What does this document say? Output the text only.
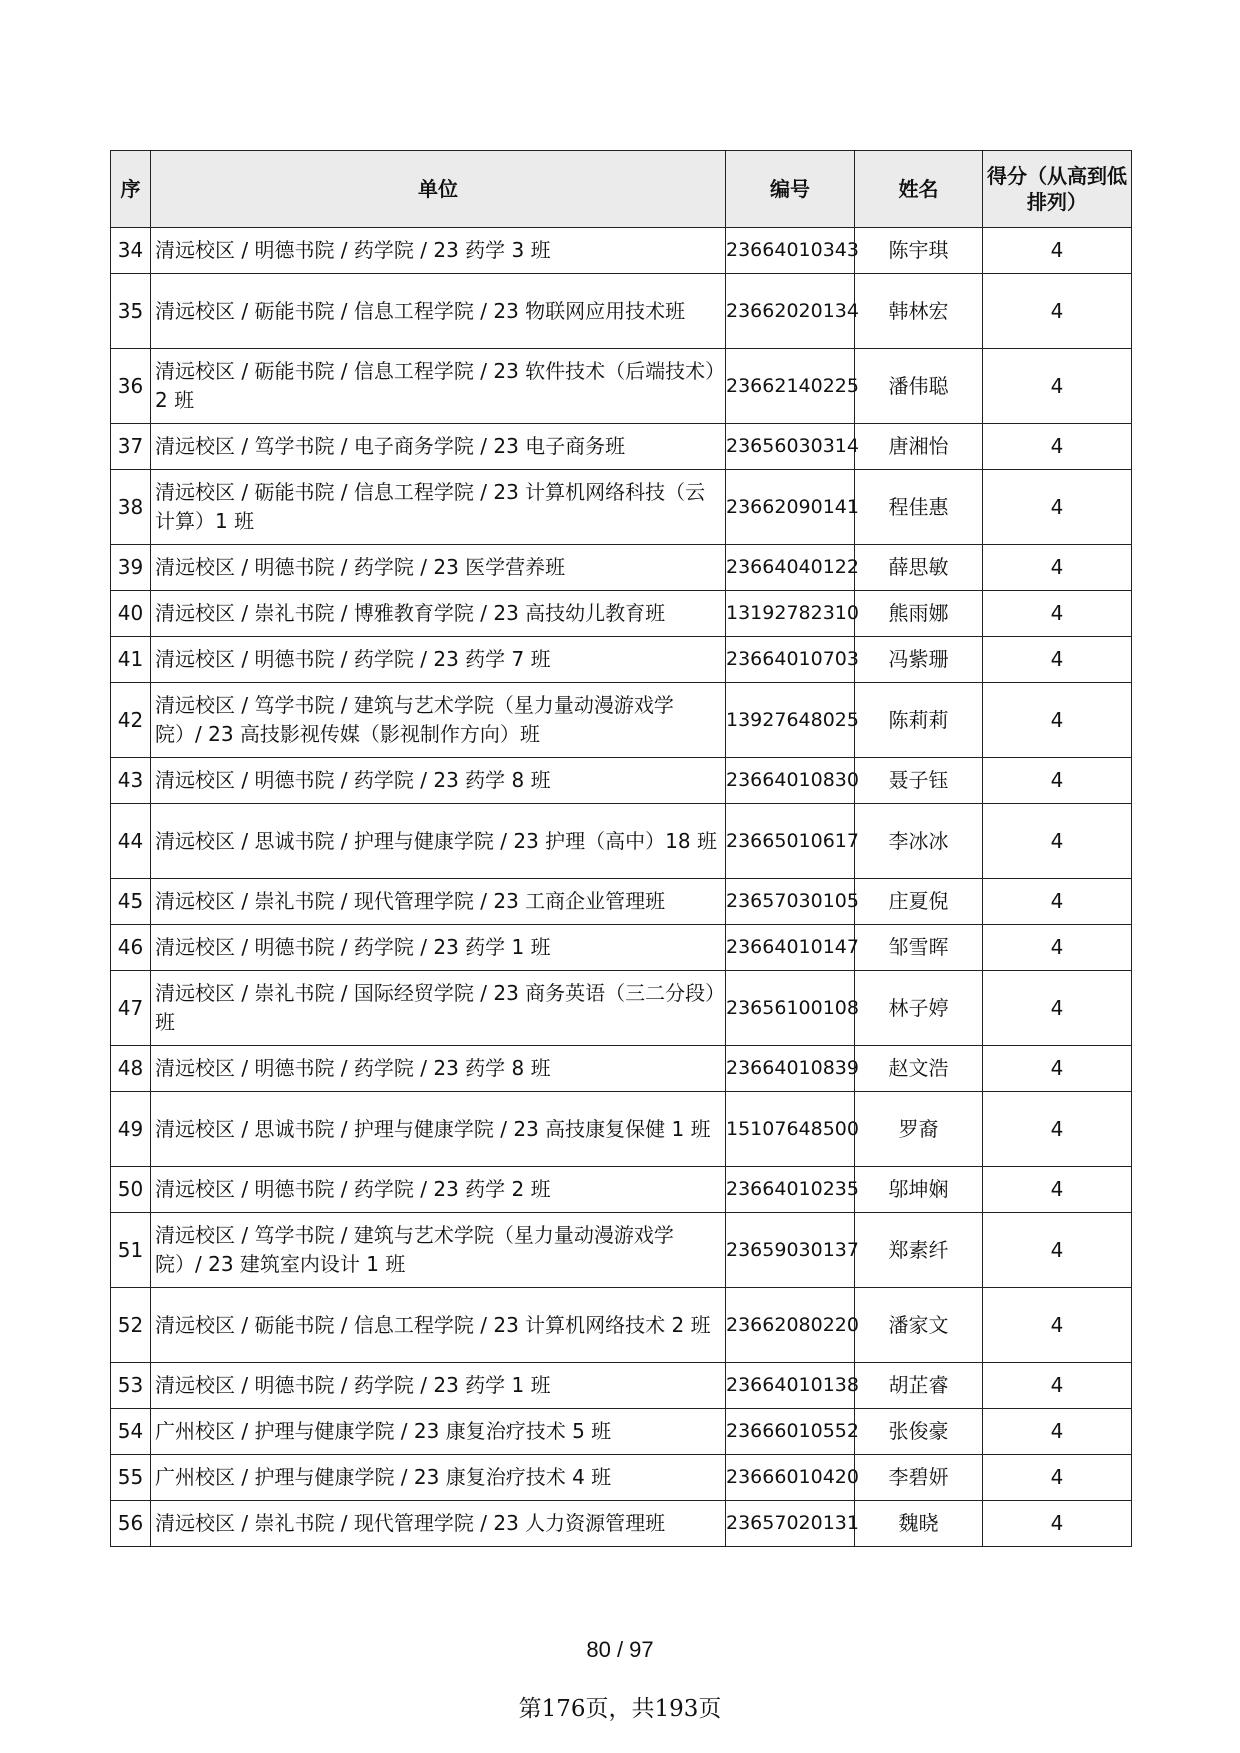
序	单位	编号	姓名	得分（从高到低排列）
34	清远校区 / 明德书院 / 药学院 / 23 药学 3 班	23664010343	陈宇琪	4
35	清远校区 / 砺能书院 / 信息工程学院 / 23 物联网应用技术班	23662020134	韩林宏	4
36	清远校区 / 砺能书院 / 信息工程学院 / 23 软件技术（后端技术）2 班	23662140225	潘伟聪	4
37	清远校区 / 笃学书院 / 电子商务学院 / 23 电子商务班	23656030314	唐湘怡	4
38	清远校区 / 砺能书院 / 信息工程学院 / 23 计算机网络科技（云计算）1 班	23662090141	程佳惠	4
39	清远校区 / 明德书院 / 药学院 / 23 医学营养班	23664040122	薛思敏	4
40	清远校区 / 崇礼书院 / 博雅教育学院 / 23 高技幼儿教育班	13192782310	熊雨娜	4
41	清远校区 / 明德书院 / 药学院 / 23 药学 7 班	23664010703	冯紫珊	4
42	清远校区 / 笃学书院 / 建筑与艺术学院（星力量动漫游戏学院）/ 23 高技影视传媒（影视制作方向）班	13927648025	陈莉莉	4
43	清远校区 / 明德书院 / 药学院 / 23 药学 8 班	23664010830	聂子钰	4
44	清远校区 / 思诚书院 / 护理与健康学院 / 23 护理（高中）18 班	23665010617	李冰冰	4
45	清远校区 / 崇礼书院 / 现代管理学院 / 23 工商企业管理班	23657030105	庄夏倪	4
46	清远校区 / 明德书院 / 药学院 / 23 药学 1 班	23664010147	邹雪晖	4
47	清远校区 / 崇礼书院 / 国际经贸学院 / 23 商务英语（三二分段）班	23656100108	林子婷	4
48	清远校区 / 明德书院 / 药学院 / 23 药学 8 班	23664010839	赵文浩	4
49	清远校区 / 思诚书院 / 护理与健康学院 / 23 高技康复保健 1 班	15107648500	罗裔	4
50	清远校区 / 明德书院 / 药学院 / 23 药学 2 班	23664010235	邬坤娴	4
51	清远校区 / 笃学书院 / 建筑与艺术学院（星力量动漫游戏学院）/ 23 建筑室内设计 1 班	23659030137	郑素纤	4
52	清远校区 / 砺能书院 / 信息工程学院 / 23 计算机网络技术 2 班	23662080220	潘家文	4
53	清远校区 / 明德书院 / 药学院 / 23 药学 1 班	23664010138	胡芷睿	4
54	广州校区 / 护理与健康学院 / 23 康复治疗技术 5 班	23666010552	张俊豪	4
55	广州校区 / 护理与健康学院 / 23 康复治疗技术 4 班	23666010420	李碧妍	4
56	清远校区 / 崇礼书院 / 现代管理学院 / 23 人力资源管理班	23657020131	魏晓	4
80 / 97
第176页，共193页
